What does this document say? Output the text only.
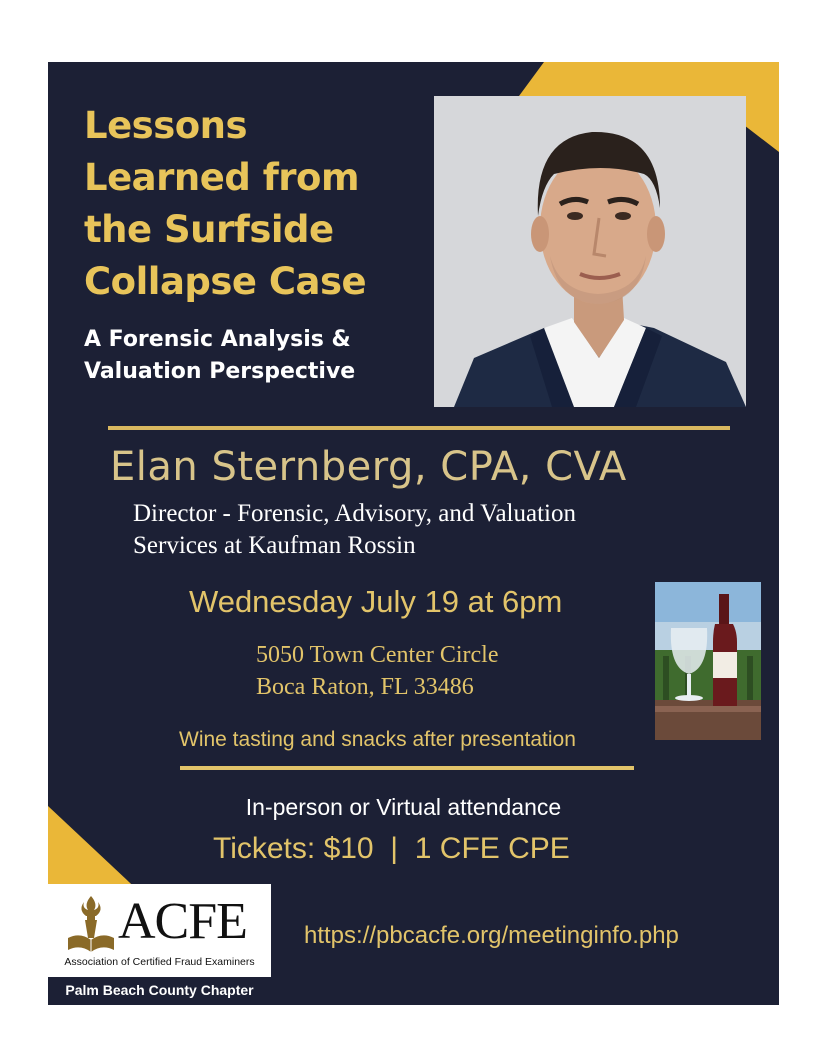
Lessons
Learned from
the Surfside
Collapse Case
A Forensic Analysis &
Valuation Perspective
Elan Sternberg, CPA, CVA
Director - Forensic, Advisory, and Valuation
Services at Kaufman Rossin
Wednesday July 19 at 6pm
5050 Town Center Circle
Boca Raton, FL 33486
Wine tasting and snacks after presentation
In-person or Virtual attendance
Tickets: $10  |  1 CFE CPE
https://pbcacfe.org/meetinginfo.php
ACFE
Association of Certified Fraud Examiners
Palm Beach County Chapter
